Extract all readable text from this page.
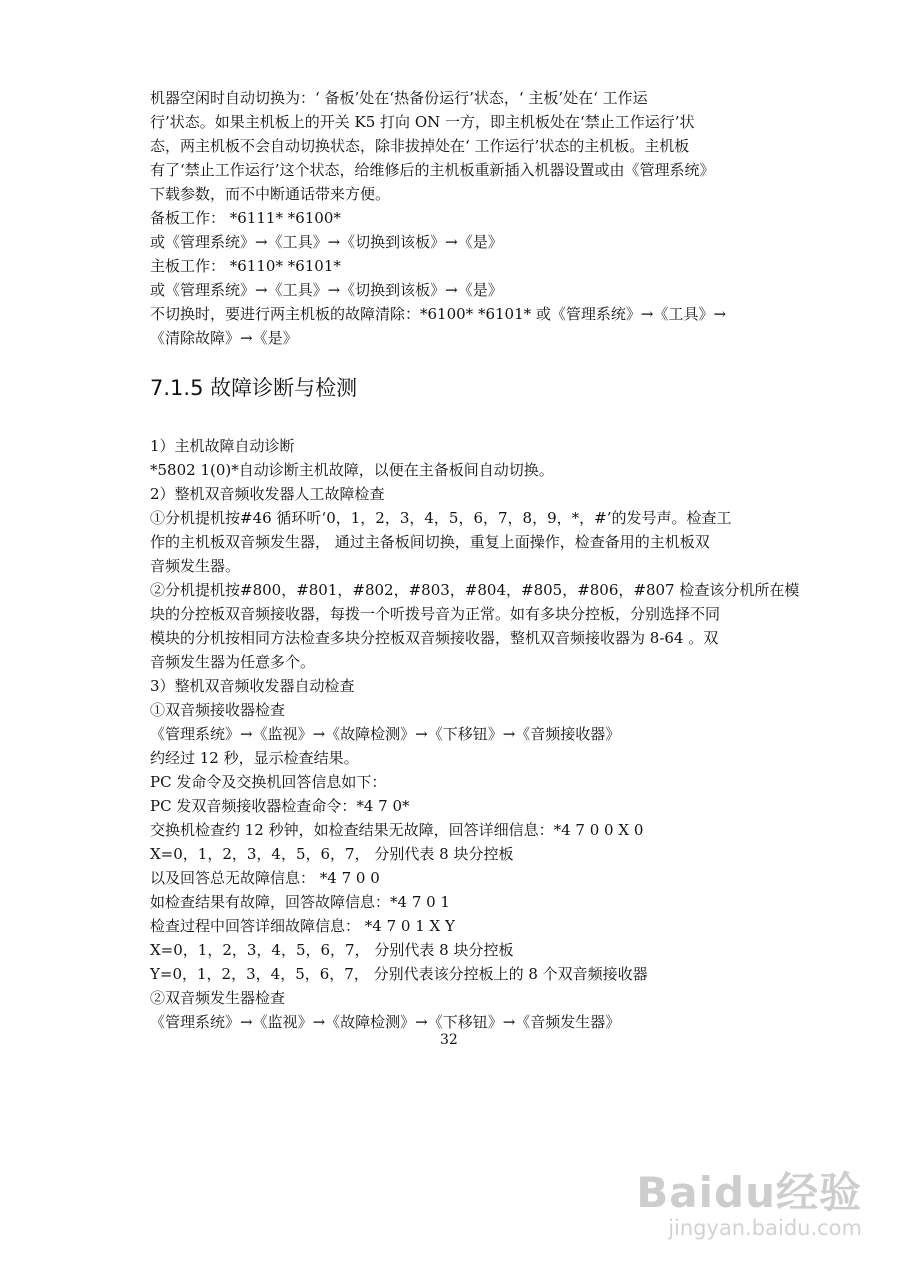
机器空闲时自动切换为：‘ 备板’处在‘热备份运行’状态，‘ 主板’处在‘ 工作运
行’状态。如果主机板上的开关 K5 打向 ON 一方，即主机板处在‘禁止工作运行’状
态，两主机板不会自动切换状态，除非拔掉处在‘ 工作运行’状态的主机板。主机板
有了‘禁止工作运行’这个状态，给维修后的主机板重新插入机器设置或由《管理系统》
下载参数，而不中断通话带来方便。
备板工作： *6111* *6100*
或《管理系统》→《工具》→《切换到该板》→《是》
主板工作： *6110* *6101*
或《管理系统》→《工具》→《切换到该板》→《是》
不切换时，要进行两主机板的故障清除：*6100* *6101* 或《管理系统》→《工具》→
《清除故障》→《是》
7.1.5 故障诊断与检测
1）主机故障自动诊断
*5802 1(0)*自动诊断主机故障，以便在主备板间自动切换。
2）整机双音频收发器人工故障检查
①分机提机按#46 循环听‘0，1，2，3，4，5，6，7，8，9，*，#’的发号声。检查工
作的主机板双音频发生器， 通过主备板间切换，重复上面操作，检查备用的主机板双
音频发生器。
②分机提机按#800，#801，#802，#803，#804，#805，#806，#807 检查该分机所在模
块的分控板双音频接收器，每拨一个听拨号音为正常。如有多块分控板，分别选择不同
模块的分机按相同方法检查多块分控板双音频接收器，整机双音频接收器为 8-64 。双
音频发生器为任意多个。
3）整机双音频收发器自动检查
①双音频接收器检查
《管理系统》→《监视》→《故障检测》→《下移钮》→《音频接收器》
约经过 12 秒，显示检查结果。
PC 发命令及交换机回答信息如下：
PC 发双音频接收器检查命令：*4 7 0*
交换机检查约 12 秒钟，如检查结果无故障，回答详细信息：*4 7 0 0 X 0
X=0，1，2，3，4，5，6，7， 分别代表 8 块分控板
以及回答总无故障信息： *4 7 0 0
如检查结果有故障，回答故障信息：*4 7 0 1
检查过程中回答详细故障信息： *4 7 0 1 X Y
X=0，1，2，3，4，5，6，7， 分别代表 8 块分控板
Y=0，1，2，3，4，5，6，7， 分别代表该分控板上的 8 个双音频接收器
②双音频发生器检查
《管理系统》→《监视》→《故障检测》→《下移钮》→《音频发生器》
32
Baidu经验
jingyan.baidu.com
